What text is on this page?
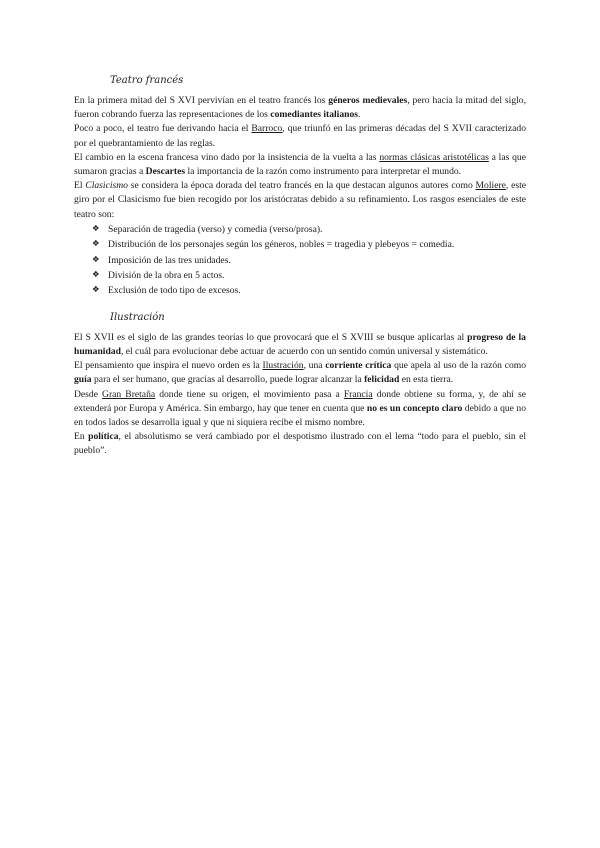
Teatro francés

En la primera mitad del S XVI pervivían en el teatro francés los géneros medievales, pero hacia la mitad del siglo, fueron cobrando fuerza las representaciones de los comediantes italianos.

Poco a poco, el teatro fue derivando hacia el Barroco, que triunfó en las primeras décadas del S XVII caracterizado por el quebrantamiento de las reglas.

El cambio en la escena francesa vino dado por la insistencia de la vuelta a las normas clásicas aristotélicas a las que sumaron gracias a Descartes la importancia de la razón como instrumento para interpretar el mundo.

El Clasicismo se considera la época dorada del teatro francés en la que destacan algunos autores como Moliere, este giro por el Clasicismo fue bien recogido por los aristócratas debido a su refinamiento. Los rasgos esenciales de este teatro son:

❖ Separación de tragedia (verso) y comedia (verso/prosa).
❖ Distribución de los personajes según los géneros, nobles = tragedia y plebeyos = comedia.
❖ Imposición de las tres unidades.
❖ División de la obra en 5 actos.
❖ Exclusión de todo tipo de excesos.
Ilustración

El S XVII es el siglo de las grandes teorías lo que provocará que el S XVIII se busque aplicarlas al progreso de la humanidad, el cuál para evolucionar debe actuar de acuerdo con un sentido común universal y sistemático.

El pensamiento que inspira el nuevo orden es la Ilustración, una corriente crítica que apela al uso de la razón como guía para el ser humano, que gracias al desarrollo, puede lograr alcanzar la felicidad en esta tierra.

Desde Gran Bretaña donde tiene su origen, el movimiento pasa a Francia donde obtiene su forma, y, de ahí se extenderá por Europa y América. Sin embargo, hay que tener en cuenta que no es un concepto claro debido a que no en todos lados se desarrolla igual y que ni siquiera recibe el mismo nombre.

En política, el absolutismo se verá cambiado por el despotismo ilustrado con el lema “todo para el pueblo, sin el pueblo”.
